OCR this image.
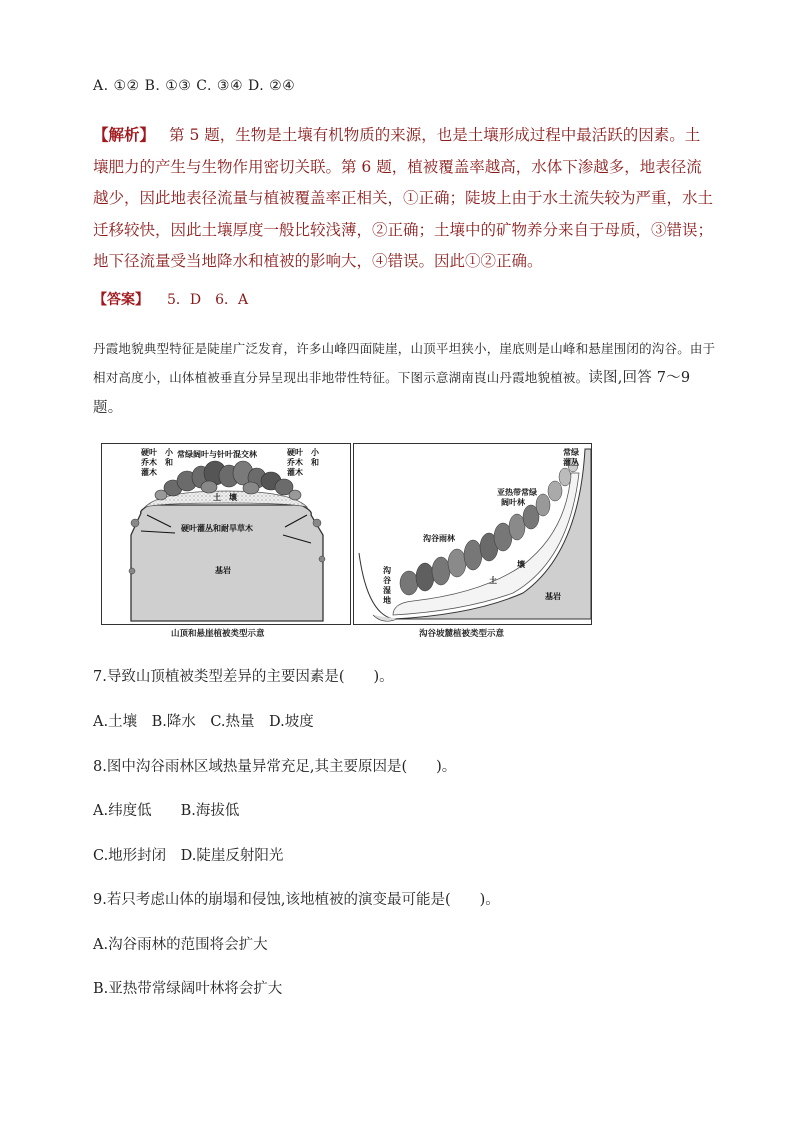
A. ①② B. ①③ C. ③④ D. ②④
【解析】 第 5 题，生物是土壤有机物质的来源，也是土壤形成过程中最活跃的因素。土壤肥力的产生与生物作用密切关联。第 6 题，植被覆盖率越高，水体下渗越多，地表径流越少，因此地表径流量与植被覆盖率正相关，①正确；陡坡上由于水土流失较为严重，水土迁移较快，因此土壤厚度一般比较浅薄，②正确；土壤中的矿物养分来自于母质，③错误；地下径流量受当地降水和植被的影响大，④错误。因此①②正确。
【答案】 5．D　6．A
丹霞地貌典型特征是陡崖广泛发育，许多山峰四面陡崖，山顶平坦狭小，崖底则是山峰和悬崖围闭的沟谷。由于相对高度小，山体植被垂直分异呈现出非地带性特征。下图示意湖南崀山丹霞地貌植被。读图,回答 7～9 题。
硬叶
乔木
灌木
小
和
常绿阔叶与针叶混交林	硬叶
乔木
灌木
小
和
土　壤
硬叶灌丛和耐旱草木
基岩
山顶和悬崖植被类型示意
常绿
灌丛
亚热带常绿
阔叶林
沟谷雨林
沟
谷
湿
地
土
壤
基岩
沟谷坡麓植被类型示意
7.导致山顶植被类型差异的主要因素是(　　)。
A.土壤　B.降水　C.热量　D.坡度
8.图中沟谷雨林区域热量异常充足,其主要原因是(　　)。
A.纬度低　　B.海拔低
C.地形封闭　D.陡崖反射阳光
9.若只考虑山体的崩塌和侵蚀,该地植被的演变最可能是(　　)。
A.沟谷雨林的范围将会扩大
B.亚热带常绿阔叶林将会扩大
